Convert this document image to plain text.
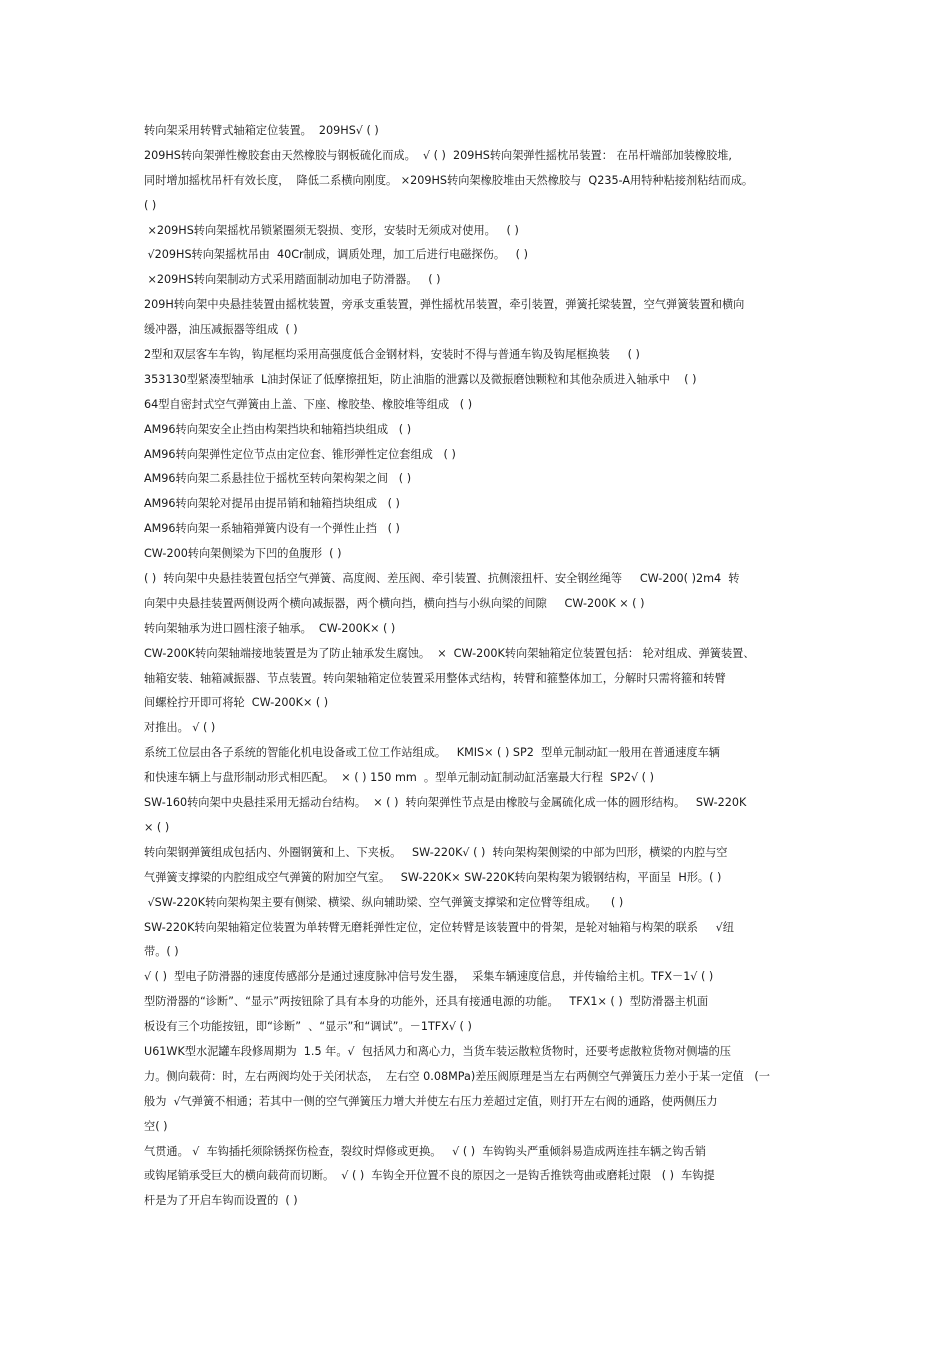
转向架采用转臂式轴箱定位装置。  209HS√ ( )
209HS转向架弹性橡胶套由天然橡胶与钢板硫化而成。  √ ( )  209HS转向架弹性摇枕吊装置： 在吊杆端部加装橡胶堆,
同时增加摇枕吊杆有效长度，  降低二系横向刚度。 ×209HS转向架橡胶堆由天然橡胶与  Q235-A用特种粘接剂粘结而成。
( )
×209HS转向架摇枕吊锁紧圈须无裂损、变形，安装时无须成对使用。   ( )
√209HS转向架摇枕吊由  40Cr制成，调质处理，加工后进行电磁探伤。   ( )
×209HS转向架制动方式采用踏面制动加电子防滑器。   ( )
209H转向架中央悬挂装置由摇枕装置，旁承支重装置，弹性摇枕吊装置，牵引装置，弹簧托梁装置，空气弹簧装置和横向
缓冲器，油压减振器等组成  ( )
2型和双层客车车钩，钩尾框均采用高强度低合金钢材料，安装时不得与普通车钩及钩尾框换装     ( )
353130型紧凑型轴承  L油封保证了低摩擦扭矩，防止油脂的泄露以及微振磨蚀颗粒和其他杂质进入轴承中    ( )
64型自密封式空气弹簧由上盖、下座、橡胶垫、橡胶堆等组成   ( )
AM96转向架安全止挡由构架挡块和轴箱挡块组成   ( )
AM96转向架弹性定位节点由定位套、锥形弹性定位套组成   ( )
AM96转向架二系悬挂位于摇枕至转向架构架之间   ( )
AM96转向架轮对提吊由提吊销和轴箱挡块组成   ( )
AM96转向架一系轴箱弹簧内设有一个弹性止挡   ( )
CW-200转向架侧梁为下凹的鱼腹形  ( )
( )  转向架中央悬挂装置包括空气弹簧、高度阀、差压阀、牵引装置、抗侧滚扭杆、安全钢丝绳等     CW-200( )2m4  转
向架中央悬挂装置两侧设两个横向减振器，两个横向挡，横向挡与小纵向梁的间隙     CW-200K × ( )
转向架轴承为进口圆柱滚子轴承。  CW-200K× ( )
CW-200K转向架轴端接地装置是为了防止轴承发生腐蚀。  ×  CW-200K转向架轴箱定位装置包括： 轮对组成、弹簧装置、
轴箱安装、轴箱减振器、节点装置。转向架轴箱定位装置采用整体式结构，转臂和箍整体加工，分解时只需将箍和转臂
间螺栓拧开即可将轮  CW-200K× ( )
对推出。 √ ( )
系统工位层由各子系统的智能化机电设备或工位工作站组成。   KMIS× ( ) SP2  型单元制动缸一般用在普通速度车辆
和快速车辆上与盘形制动形式相匹配。  × ( ) 150 mm  。型单元制动缸制动缸活塞最大行程  SP2√ ( )
SW-160转向架中央悬挂采用无摇动台结构。  × ( )  转向架弹性节点是由橡胶与金属硫化成一体的圆形结构。   SW-220K
× ( )
转向架钢弹簧组成包括内、外圈钢簧和上、下夹板。   SW-220K√ ( )  转向架构架侧梁的中部为凹形，横梁的内腔与空
气弹簧支撑梁的内腔组成空气弹簧的附加空气室。   SW-220K× SW-220K转向架构架为锻钢结构，平面呈  H形。( )
√SW-220K转向架构架主要有侧梁、横梁、纵向辅助梁、空气弹簧支撑梁和定位臂等组成。    ( )
SW-220K转向架轴箱定位装置为单转臂无磨耗弹性定位，定位转臂是该装置中的骨架，是轮对轴箱与构架的联系     √纽
带。( )
√ ( )  型电子防滑器的速度传感部分是通过速度脉冲信号发生器，  采集车辆速度信息，并传输给主机。TFX－1√ ( )
型防滑器的“诊断”、“显示”两按钮除了具有本身的功能外，还具有接通电源的功能。   TFX1× ( )  型防滑器主机面
板设有三个功能按钮，即“诊断”  、“显示”和“调试”。－1TFX√ ( )
U61WK型水泥罐车段修周期为  1.5 年。√  包括风力和离心力，当货车装运散粒货物时，还要考虑散粒货物对侧墙的压
力。侧向载荷：时，左右两阀均处于关闭状态，  左右空 0.08MPa)差压阀原理是当左右两侧空气弹簧压力差小于某一定值   (一
般为  √气弹簧不相通；若其中一侧的空气弹簧压力增大并使左右压力差超过定值，则打开左右阀的通路，使两侧压力
空( )
气贯通。 √  车钩插托须除锈探伤检查，裂纹时焊修或更换。   √ ( )  车钩钩头严重倾斜易造成两连挂车辆之钩舌销
或钩尾销承受巨大的横向载荷而切断。  √ ( )  车钩全开位置不良的原因之一是钩舌推铁弯曲或磨耗过限   ( )  车钩提
杆是为了开启车钩而设置的  ( )
